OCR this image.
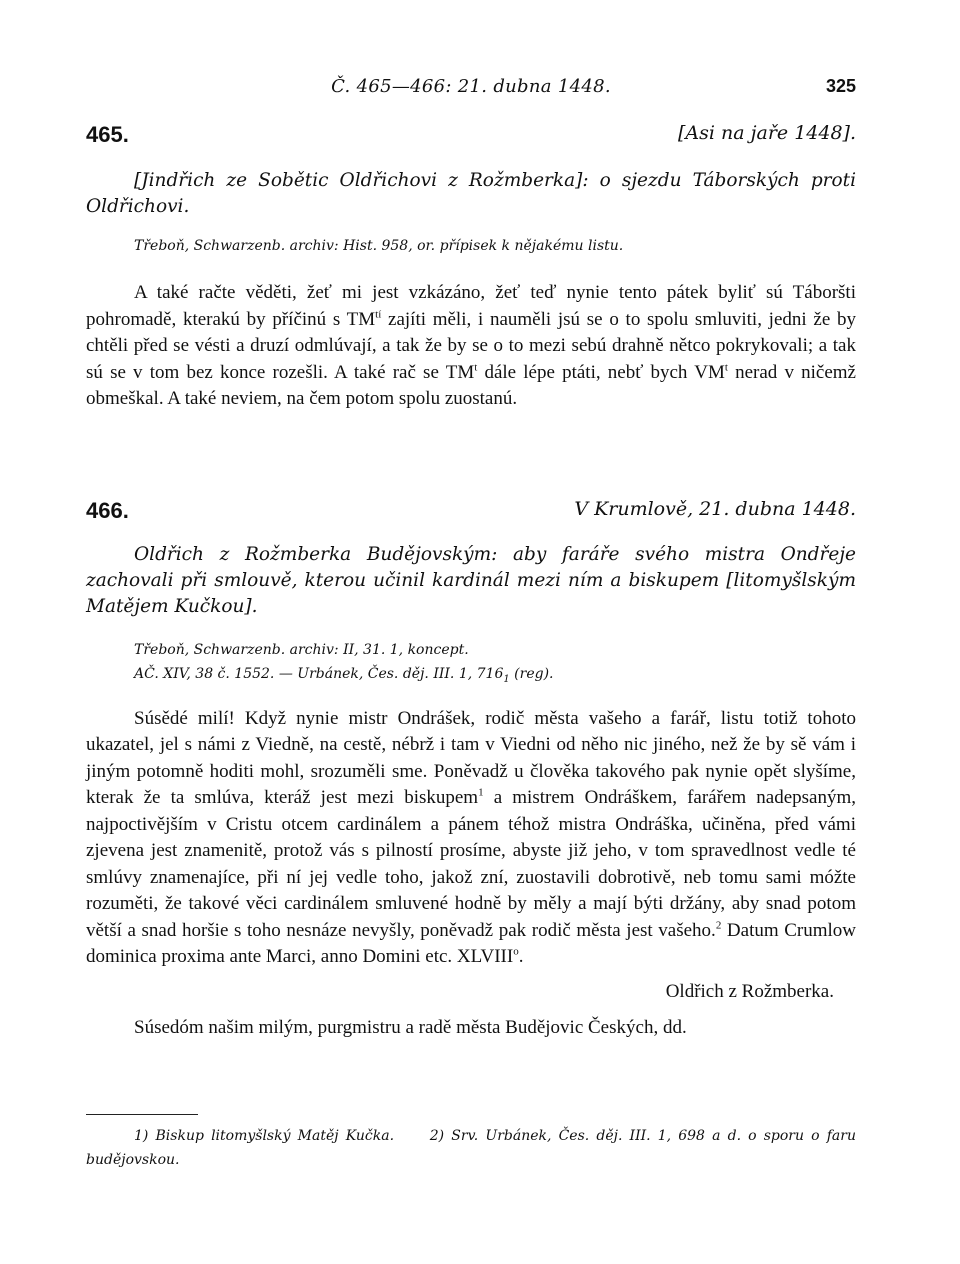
Č. 465—466: 21. dubna 1448.	325
465.	[Asi na jaře 1448].
[Jindřich ze Sobětic Oldřichovi z Rožmberka]: o sjezdu Táborských proti Oldřichovi.
Třeboň, Schwarzenb. archiv: Hist. 958, or. přípisek k nějakému listu.
A také račte věděti, žeť mi jest vzkázáno, žeť teď nynie tento pátek byliť sú Táboršti pohromadě, kterakú by příčinú s $TM^{tí}$ zajíti měli, i nauměli jsú se o to spolu smluviti, jedni že by chtěli před se vésti a druzí odmlúvají, a tak že by se o to mezi sebú drahně nětco pokrykovali; a tak sú se v tom bez konce rozešli. A také rač se $TM^t$ dále lépe ptáti, nebť bych $VM^t$ nerad v ničemž obmeškal. A také neviem, na čem potom spolu zuostanú.
466.	V Krumlově, 21. dubna 1448.
Oldřich z Rožmberka Budějovským: aby faráře svého mistra Ondřeje zachovali při smlouvě, kterou učinil kardinál mezi ním a biskupem [litomyšlským Matějem Kučkou].
Třeboň, Schwarzenb. archiv: II, 31. 1, koncept.
AČ. XIV, 38 č. 1552. — Urbánek, Čes. děj. III. 1, $716_1$ (reg).
Súsědé milí! Když nynie mistr Ondrášek, rodič města vašeho a farář, listu totiž tohoto ukazatel, jel s námi z Viedně, na cestě, nébrž i tam v Viedni od něho nic jiného, než že by sě vám i jiným potomně hoditi mohl, srozuměli sme. Poněvadž u člověka takového pak nynie opět slyšíme, kterak že ta smlúva, kteráž jest mezi biskupem$^1$ a mistrem Ondráškem, farářem nadepsaným, najpoctivějším v Cristu otcem cardinálem a pánem téhož mistra Ondráška, učiněna, před vámi zjevena jest znamenitě, protož vás s pilností prosíme, abyste již jeho, v tom spravedlnost vedle té smlúvy znamenajíce, při ní jej vedle toho, jakož zní, zuostavili dobrotivě, neb tomu sami móžte rozuměti, že takové věci cardinálem smluvené hodně by měly a mají býti držány, aby snad potom větší a snad horšie s toho nesnáze nevyšly, poněvadž pak rodič města jest vašeho.$^2$ Datum Crumlow dominica proxima ante Marci, anno Domini etc. XLVIII$^o$.
Oldřich z Rožmberka.
Súsedóm našim milým, purgmistru a radě města Budějovic Českých, dd.
1) Biskup litomyšlský Matěj Kučka.	2) Srv. Urbánek, Čes. děj. III. 1, 698 a d. o sporu o faru budějovskou.
